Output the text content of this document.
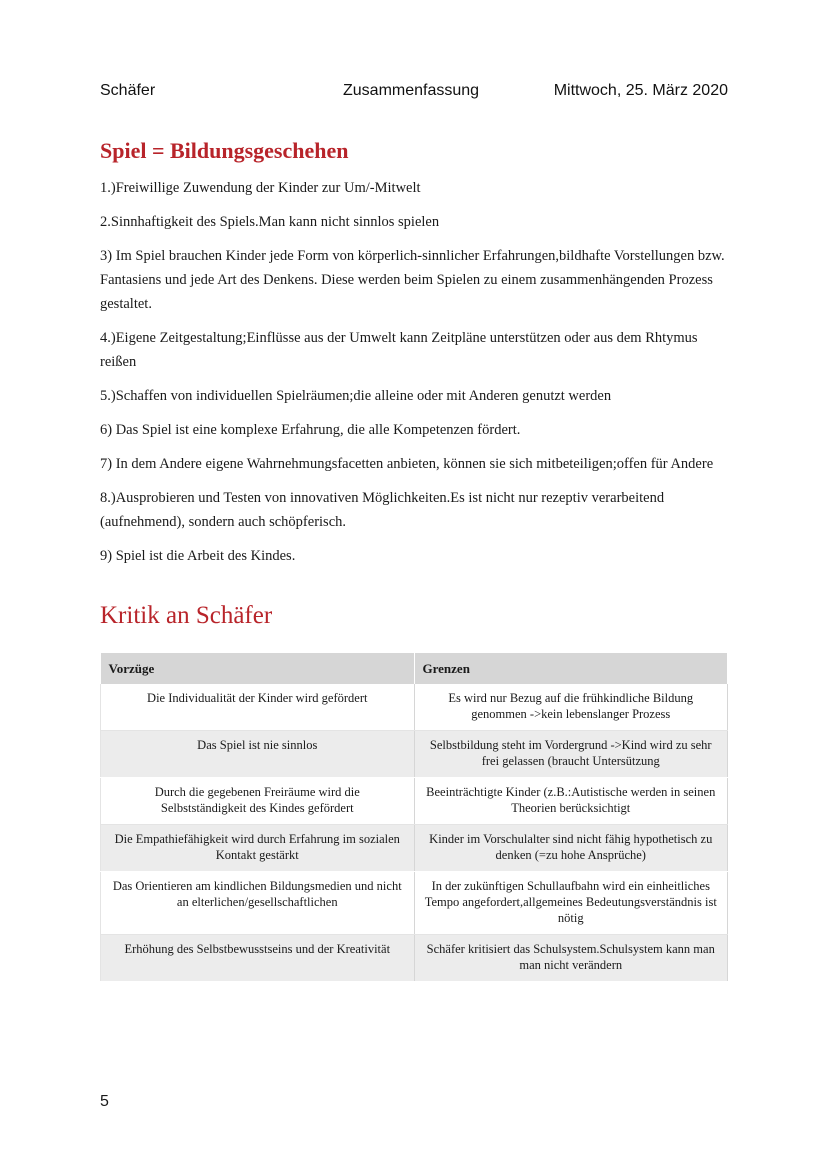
Schäfer	Zusammenfassung	Mittwoch, 25. März 2020
Spiel = Bildungsgeschehen

1.)Freiwillige Zuwendung der Kinder zur Um/-Mitwelt

2.Sinnhaftigkeit des Spiels.Man kann nicht sinnlos spielen

3) Im Spiel brauchen Kinder jede Form von körperlich-sinnlicher Erfahrungen,bildhafte Vorstellungen bzw. Fantasiens und jede Art des Denkens. Diese werden beim Spielen zu einem zusammenhängenden Prozess gestaltet.

4.)Eigene Zeitgestaltung;Einflüsse aus der Umwelt kann Zeitpläne unterstützen oder aus dem Rhtymus reißen

5.)Schaffen von individuellen Spielräumen;die alleine oder mit Anderen genutzt werden

6) Das Spiel ist eine komplexe Erfahrung, die alle Kompetenzen fördert.

7) In dem Andere eigene Wahrnehmungsfacetten anbieten, können sie sich mitbeteiligen;offen für Andere

8.)Ausprobieren und Testen von innovativen Möglichkeiten.Es ist nicht nur rezeptiv verarbeitend (aufnehmend), sondern auch schöpferisch.

9) Spiel ist die Arbeit des Kindes.

Kritik an Schäfer
Vorzüge	Grenzen
Die Individualität der Kinder wird gefördert	Es wird nur Bezug auf die frühkindliche Bildung genommen ->kein lebenslanger Prozess
Das Spiel ist nie sinnlos	Selbstbildung steht im Vordergrund ->Kind wird zu sehr frei gelassen (braucht Untersützung
Durch die gegebenen Freiräume wird die Selbstständigkeit des Kindes gefördert	Beeinträchtigte Kinder (z.B.:Autistische werden in seinen Theorien berücksichtigt
Die Empathiefähigkeit wird durch Erfahrung im sozialen Kontakt gestärkt	Kinder im Vorschulalter sind nicht fähig hypothetisch zu denken (=zu hohe Ansprüche)
Das Orientieren am kindlichen Bildungsmedien und nicht an elterlichen/gesellschaftlichen	In der zukünftigen Schullaufbahn wird ein einheitliches Tempo angefordert,allgemeines Bedeutungsverständnis ist nötig
Erhöhung des Selbstbewusstseins und der Kreativität	Schäfer kritisiert das Schulsystem.Schulsystem kann man man nicht verändern
5
